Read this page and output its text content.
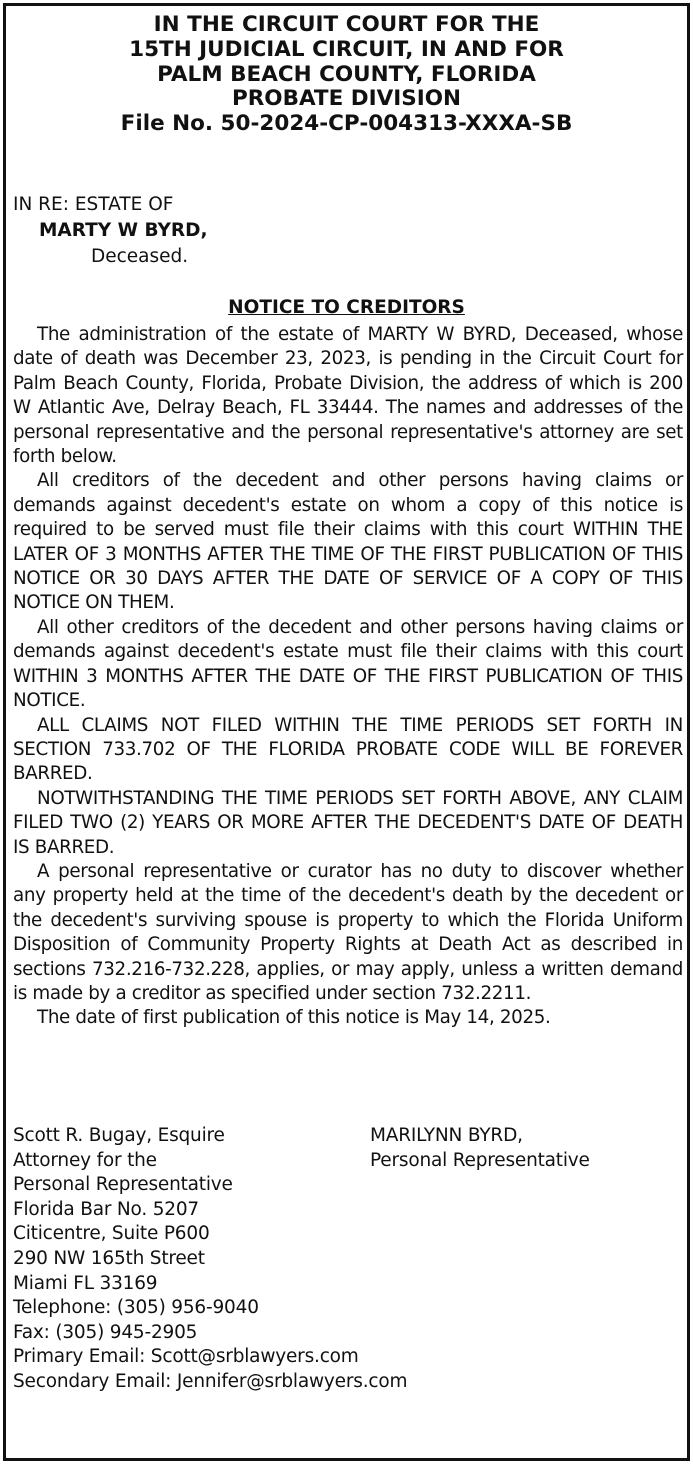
IN THE CIRCUIT COURT FOR THE
15TH JUDICIAL CIRCUIT, IN AND FOR
PALM BEACH COUNTY, FLORIDA
PROBATE DIVISION
File No. 50-2024-CP-004313-XXXA-SB
IN RE: ESTATE OF
MARTY W BYRD,
Deceased.
NOTICE TO CREDITORS

The administration of the estate of MARTY W BYRD, Deceased, whose date of death was December 23, 2023, is pending in the Circuit Court for Palm Beach County, Florida, Probate Division, the address of which is 200 W Atlantic Ave, Delray Beach, FL 33444. The names and addresses of the personal representative and the personal representative's attorney are set forth below.

All creditors of the decedent and other persons having claims or demands against decedent's estate on whom a copy of this notice is required to be served must file their claims with this court WITHIN THE LATER OF 3 MONTHS AFTER THE TIME OF THE FIRST PUBLICATION OF THIS NOTICE OR 30 DAYS AFTER THE DATE OF SERVICE OF A COPY OF THIS NOTICE ON THEM.

All other creditors of the decedent and other persons having claims or demands against decedent's estate must file their claims with this court WITHIN 3 MONTHS AFTER THE DATE OF THE FIRST PUBLICATION OF THIS NOTICE.

ALL CLAIMS NOT FILED WITHIN THE TIME PERIODS SET FORTH IN SECTION 733.702 OF THE FLORIDA PROBATE CODE WILL BE FOREVER BARRED.

NOTWITHSTANDING THE TIME PERIODS SET FORTH ABOVE, ANY CLAIM FILED TWO (2) YEARS OR MORE AFTER THE DECEDENT'S DATE OF DEATH IS BARRED.

A personal representative or curator has no duty to discover whether any property held at the time of the decedent's death by the decedent or the decedent's surviving spouse is property to which the Florida Uniform Disposition of Community Property Rights at Death Act as described in sections 732.216-732.228, applies, or may apply, unless a written demand is made by a creditor as specified under section 732.2211.

The date of first publication of this notice is May 14, 2025.

Scott R. Bugay, Esquire
Attorney for the
Personal Representative
Florida Bar No. 5207
Citicentre, Suite P600
290 NW 165th Street
Miami FL 33169
Telephone: (305) 956-9040
Fax: (305) 945-2905
Primary Email: Scott@srblawyers.com
Secondary Email: Jennifer@srblawyers.com
MARILYNN BYRD,
Personal Representative
